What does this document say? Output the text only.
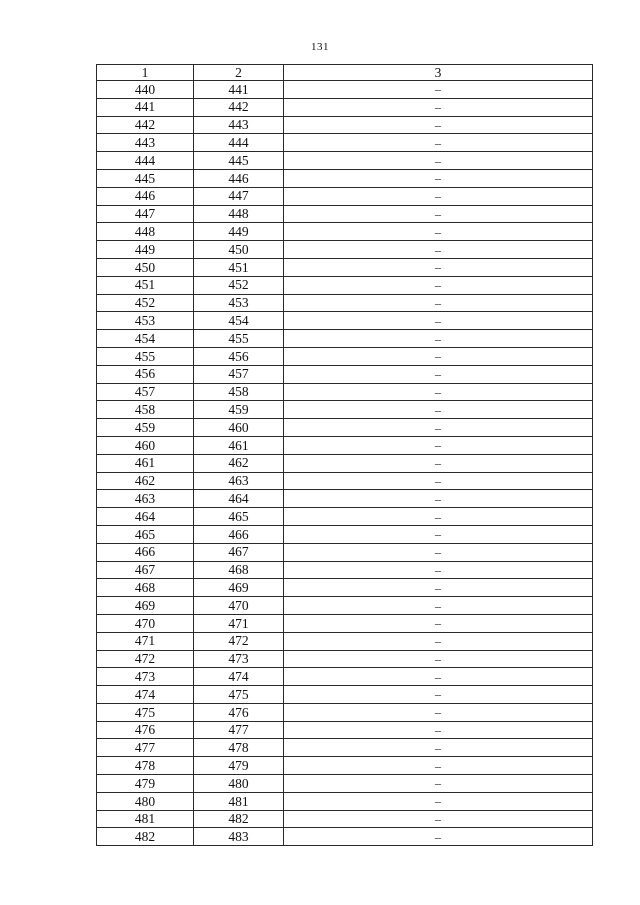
131
1	2	3
440	441	–
441	442	–
442	443	–
443	444	–
444	445	–
445	446	–
446	447	–
447	448	–
448	449	–
449	450	–
450	451	–
451	452	–
452	453	–
453	454	–
454	455	–
455	456	–
456	457	–
457	458	–
458	459	–
459	460	–
460	461	–
461	462	–
462	463	–
463	464	–
464	465	–
465	466	–
466	467	–
467	468	–
468	469	–
469	470	–
470	471	–
471	472	–
472	473	–
473	474	–
474	475	–
475	476	–
476	477	–
477	478	–
478	479	–
479	480	–
480	481	–
481	482	–
482	483	–
